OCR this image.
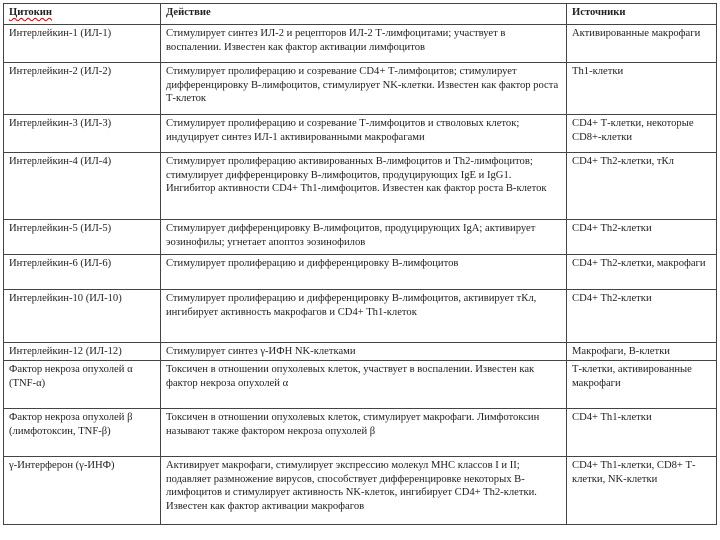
Цитокин	Действие	Источники
Интерлейкин-1 (ИЛ-1)	Стимулирует синтез ИЛ-2 и рецепторов ИЛ-2 Т-лимфоцитами; участвует в воспалении. Известен как фактор активации лимфоцитов	Активированные макрофаги
Интерлейкин-2 (ИЛ-2)	Стимулирует пролиферацию и созревание CD4+ Т-лимфоцитов; стимулирует дифференцировку В-лимфоцитов, стимулирует NK-клетки. Известен как фактор роста Т-клеток	Th1-клетки
Интерлейкин-3 (ИЛ-3)	Стимулирует пролиферацию и созревание Т-лимфоцитов и стволовых клеток; индуцирует синтез ИЛ-1 активированными макрофагами	CD4+ Т-клетки, некоторые CD8+-клетки
Интерлейкин-4 (ИЛ-4)	Стимулирует пролиферацию активированных В-лимфоцитов и Th2-лимфоцитов; стимулирует дифференцировку В-лимфоцитов, продуцирующих IgE и IgG1. Ингибитор активности CD4+ Th1-лимфоцитов. Известен как фактор роста В-клеток	CD4+ Th2-клетки, тКл
Интерлейкин-5 (ИЛ-5)	Стимулирует дифференцировку В-лимфоцитов, продуцирующих IgA; активирует эозинофилы; угнетает апоптоз эозинофилов	CD4+ Th2-клетки
Интерлейкин-6 (ИЛ-6)	Стимулирует пролиферацию и дифференцировку В-лимфоцитов	CD4+ Th2-клетки, макрофаги
Интерлейкин-10 (ИЛ-10)	Стимулирует пролиферацию и дифференцировку В-лимфоцитов, активирует тКл, ингибирует активность макрофагов и CD4+ Th1-клеток	CD4+ Th2-клетки
Интерлейкин-12 (ИЛ-12)	Стимулирует синтез γ-ИФН NK-клетками	Макрофаги, В-клетки
Фактор некроза опухолей α (TNF-α)	Токсичен в отношении опухолевых клеток, участвует в воспалении. Известен как фактор некроза опухолей α	Т-клетки, активированные макрофаги
Фактор некроза опухолей β (лимфотоксин, TNF-β)	Токсичен в отношении опухолевых клеток, стимулирует макрофаги. Лимфотоксин называют также фактором некроза опухолей β	CD4+ Th1-клетки
γ-Интерферон (γ-ИНФ)	Активирует макрофаги, стимулирует экспрессию молекул MHC классов I и II; подавляет размножение вирусов, способствует дифференцировке некоторых В-лимфоцитов и стимулирует активность NK-клеток, ингибирует CD4+ Th2-клетки. Известен как фактор активации макрофагов	CD4+ Th1-клетки, CD8+ Т-клетки, NK-клетки
